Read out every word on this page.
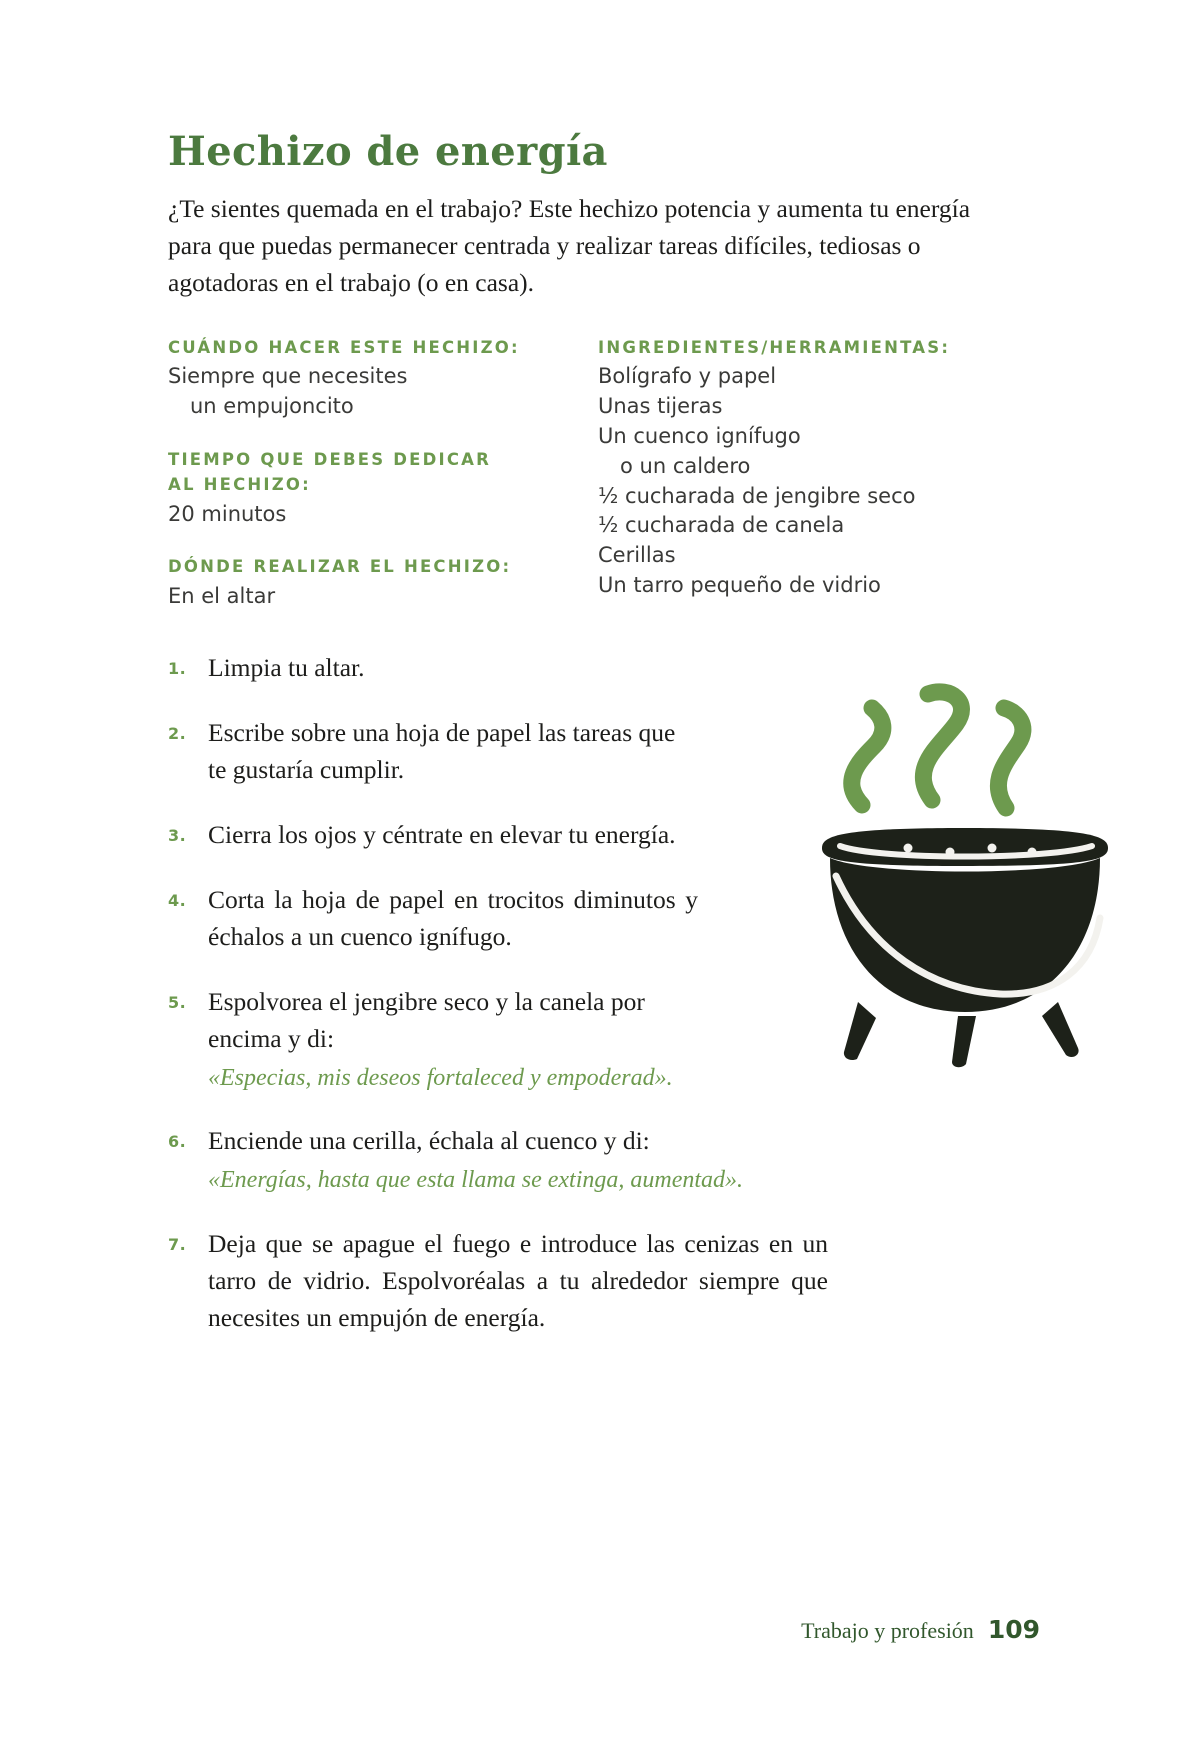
Hechizo de energía

¿Te sientes quemada en el trabajo? Este hechizo potencia y aumenta tu energía para que puedas permanecer centrada y realizar tareas difíciles, tediosas o agotadoras en el trabajo (o en casa).

CUÁNDO HACER ESTE HECHIZO:

Siempre que necesites
un empujoncito

TIEMPO QUE DEBES DEDICAR

AL HECHIZO:

20 minutos

DÓNDE REALIZAR EL HECHIZO:

En el altar

INGREDIENTES/HERRAMIENTAS:

Bolígrafo y papel
Unas tijeras
Un cuenco ignífugo
o un caldero
½ cucharada de jengibre seco
½ cucharada de canela
Cerillas
Un tarro pequeño de vidrio

1. Limpia tu altar.
2. Escribe sobre una hoja de papel las tareas que te gustaría cumplir.
3. Cierra los ojos y céntrate en elevar tu energía.
4. Corta la hoja de papel en trocitos diminutos y échalos a un cuenco ignífugo.
5. Espolvorea el jengibre seco y la canela por encima y di:
«Especias, mis deseos fortaleced y empoderad».
6. Enciende una cerilla, échala al cuenco y di:
«Energías, hasta que esta llama se extinga, aumentad».
7. Deja que se apague el fuego e introduce las cenizas en un tarro de vidrio. Espolvoréalas a tu alrededor siempre que necesites un empujón de energía.
Trabajo y profesión 109
